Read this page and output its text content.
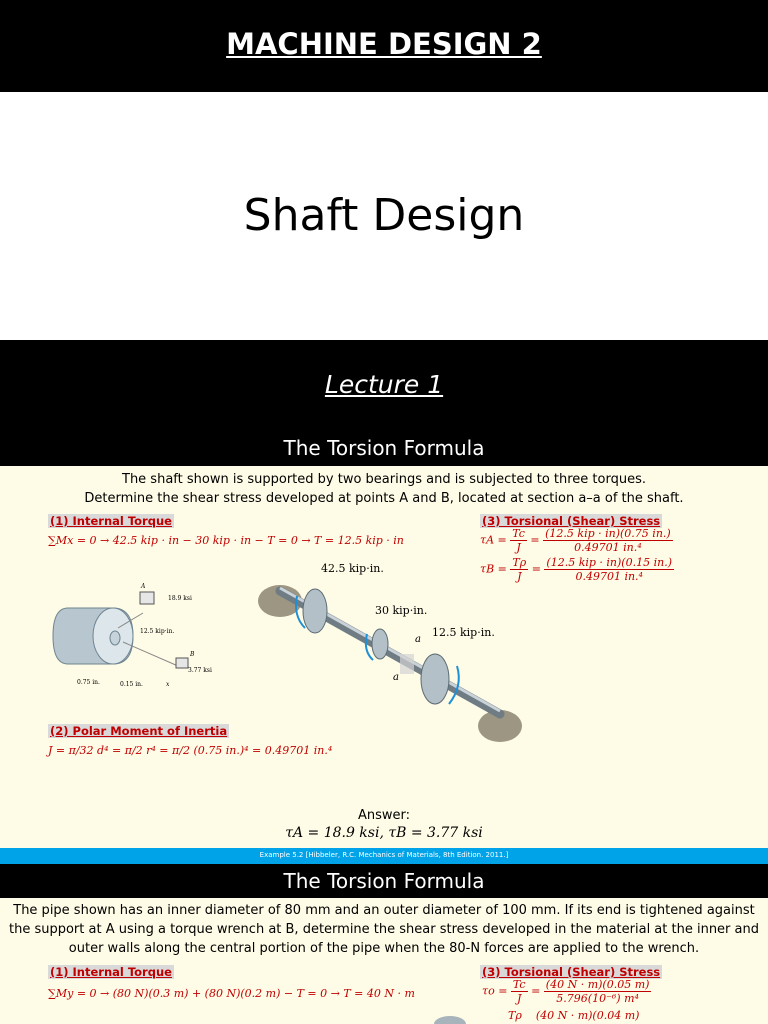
MACHINE DESIGN 2
Shaft Design
Lecture 1
The Torsion Formula
The shaft shown is supported by two bearings and is subjected to three torques.
Determine the shear stress developed at points A and B, located at section a–a of the shaft.
(1) Internal Torque
∑Mx = 0 → 42.5 kip · in − 30 kip · in − T = 0 → T = 12.5 kip · in
(3) Torsional (Shear) Stress
$\tau A = \frac{Tc}{J} = \frac{\text{(12.5 kip · in)(0.75 in.)}}{\text{0.49701 in.⁴}}$
$\tau B = \frac{T\rho}{J} = \frac{\text{(12.5 kip · in)(0.15 in.)}}{\text{0.49701 in.⁴}}$
A
18.9 ksi
B
3.77 ksi
12.5 kip·in.
0.75 in.	0.15 in.	x
42.5 kip·in.
30 kip·in.
12.5 kip·in.
a
a
(2) Polar Moment of Inertia
J = π/32 d⁴ = π/2 r⁴ = π/2 (0.75 in.)⁴ = 0.49701 in.⁴
Answer:
τA = 18.9 ksi, τB = 3.77 ksi
Example 5.2 [Hibbeler, R.C. Mechanics of Materials, 8th Edition. 2011.]
The Torsion Formula
The pipe shown has an inner diameter of 80 mm and an outer diameter of 100 mm. If its end is tightened against the support at A using a torque wrench at B, determine the shear stress developed in the material at the inner and outer walls along the central portion of the pipe when the 80-N forces are applied to the wrench.
(1) Internal Torque
∑My = 0 → (80 N)(0.3 m) + (80 N)(0.2 m) − T = 0 → T = 40 N · m
(3) Torsional (Shear) Stress
$\tau o = \frac{Tc}{J} = \frac{(40 N \cdot m)(0.05 m)}{\text{5.796(10⁻⁶) m⁴}}$
Tρ (40 N · m)(0.04 m)
